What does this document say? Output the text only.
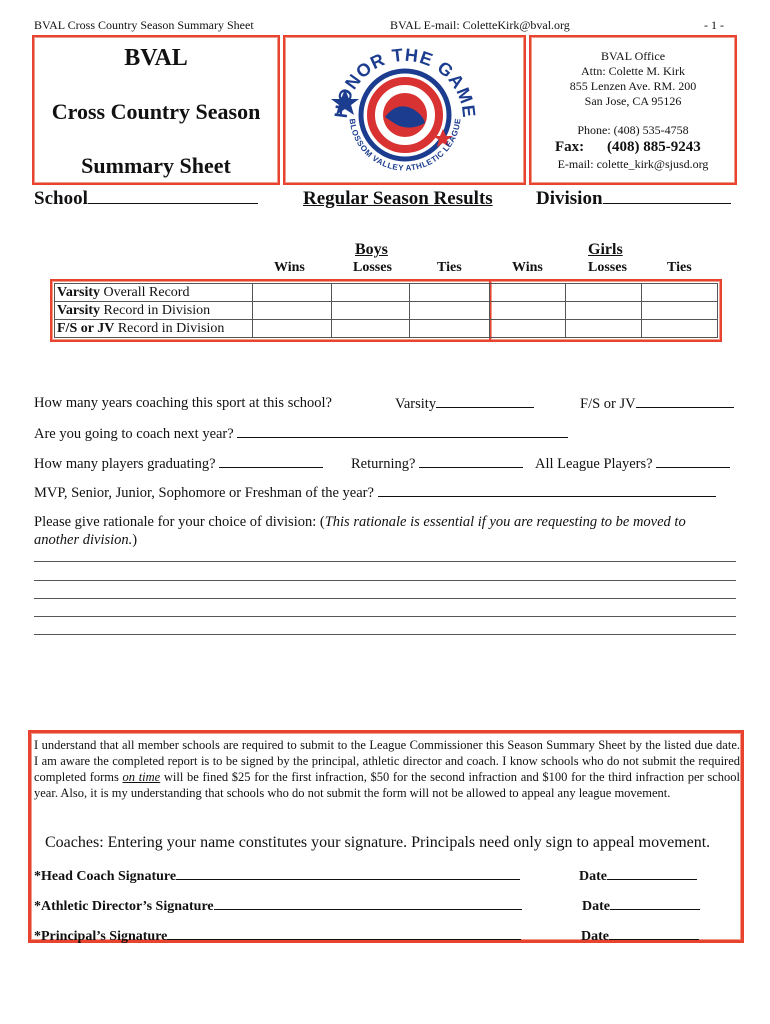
BVAL Cross Country Season Summary Sheet	BVAL E-mail: ColetteKirk@bval.org	- 1 -
BVAL
Cross Country Season
Summary Sheet
HONOR THE GAME
BLOSSOM VALLEY ATHLETIC LEAGUE
BVAL Office
Attn: Colette M. Kirk
855 Lenzen Ave. RM. 200
San Jose, CA 95126
Phone: (408) 535-4758
Fax: (408) 885-9243
E-mail: colette_kirk@sjusd.org
School	Regular Season Results Division
Boys	Girls
Wins	Losses	Ties	Wins	Losses	Ties
Varsity Overall Record						
Varsity Record in Division						
F/S or JV Record in Division						
How many years coaching this sport at this school?	Varsity	F/S or JV
Are you going to coach next year?
How many players graduating?	Returning?	All League Players?
MVP, Senior, Junior, Sophomore or Freshman of the year?
Please give rationale for your choice of division: (This rationale is essential if you are requesting to be moved to another division.)
I understand that all member schools are required to submit to the League Commissioner this Season Summary Sheet by the listed due date. I am aware the completed report is to be signed by the principal, athletic director and coach. I know schools who do not submit the required completed forms on time will be fined $25 for the first infraction, $50 for the second infraction and $100 for the third infraction per school year. Also, it is my understanding that schools who do not submit the form will not be allowed to appeal any league movement.
Coaches: Entering your name constitutes your signature. Principals need only sign to appeal movement.
*Head Coach Signature	Date
*Athletic Director’s Signature	Date
*Principal’s Signature	Date
